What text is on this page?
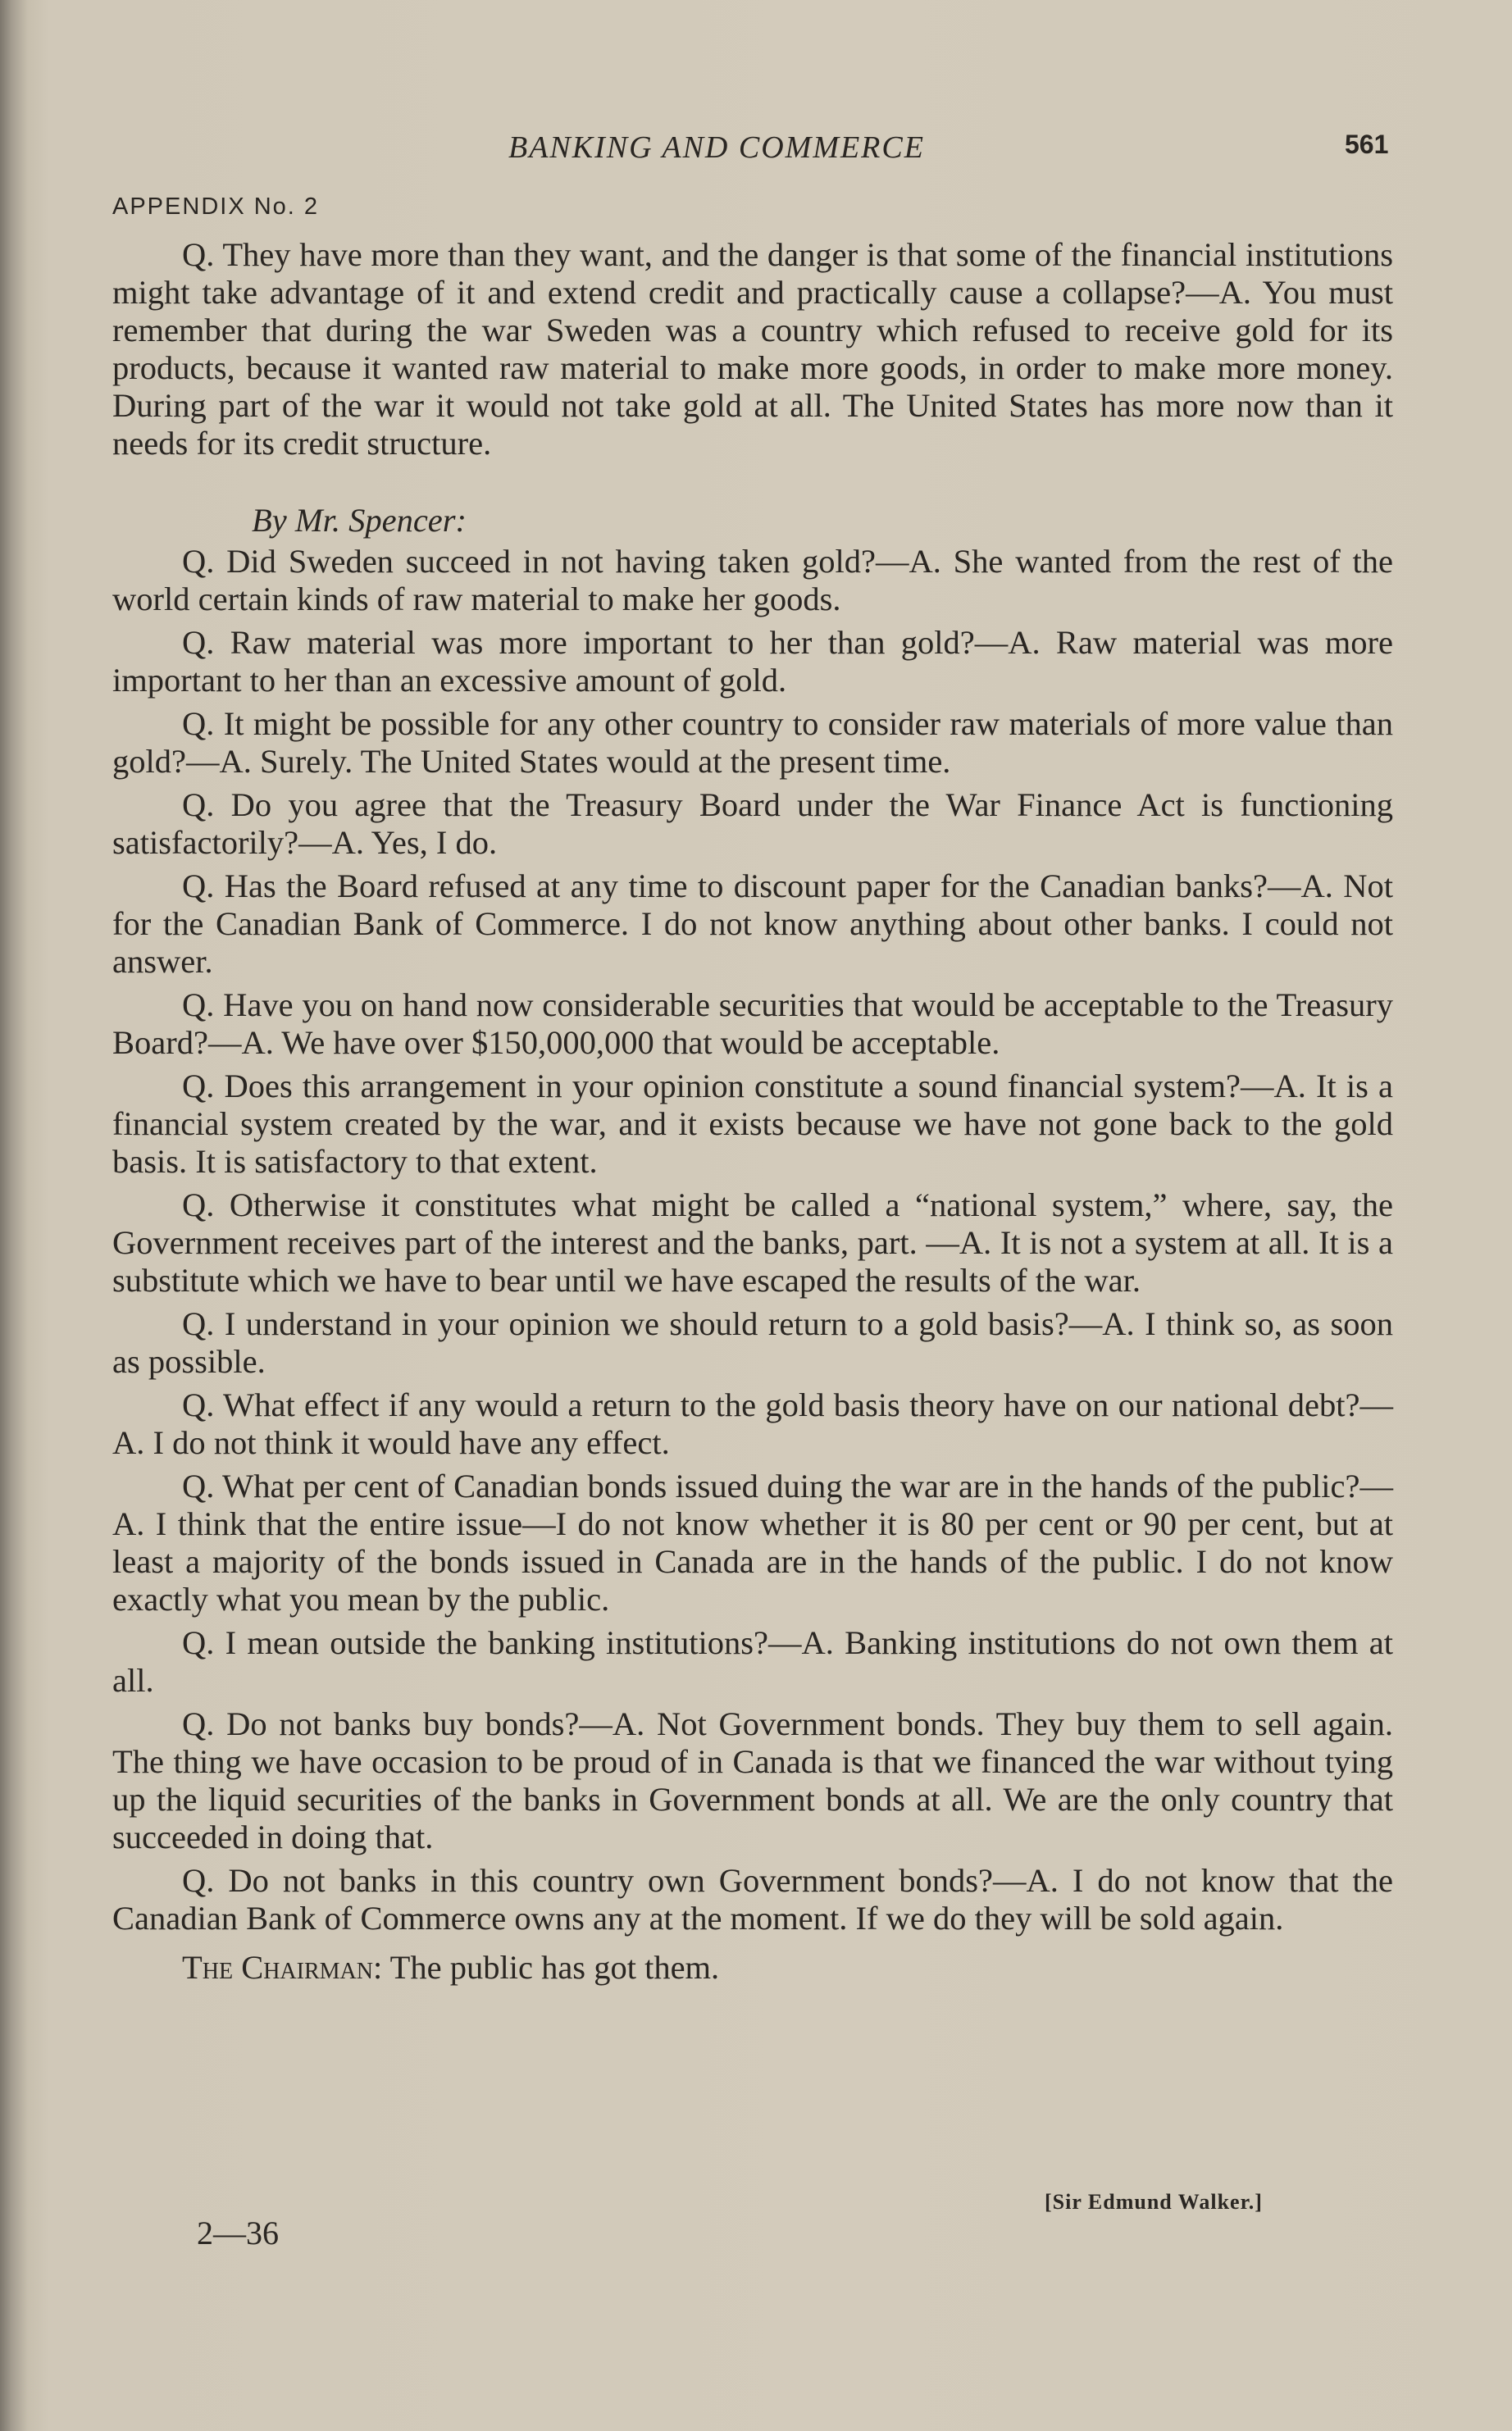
BANKING AND COMMERCE	561
APPENDIX No. 2

Q. They have more than they want, and the danger is that some of the financial institutions might take advantage of it and extend credit and practically cause a collapse?—A. You must remember that during the war Sweden was a country which refused to receive gold for its products, because it wanted raw material to make more goods, in order to make more money. During part of the war it would not take gold at all. The United States has more now than it needs for its credit structure.

By Mr. Spencer:

Q. Did Sweden succeed in not having taken gold?—A. She wanted from the rest of the world certain kinds of raw material to make her goods.

Q. Raw material was more important to her than gold?—A. Raw material was more important to her than an excessive amount of gold.

Q. It might be possible for any other country to consider raw materials of more value than gold?—A. Surely. The United States would at the present time.

Q. Do you agree that the Treasury Board under the War Finance Act is functioning satisfactorily?—A. Yes, I do.

Q. Has the Board refused at any time to discount paper for the Canadian banks?—A. Not for the Canadian Bank of Commerce. I do not know anything about other banks. I could not answer.

Q. Have you on hand now considerable securities that would be acceptable to the Treasury Board?—A. We have over $150,000,000 that would be acceptable.

Q. Does this arrangement in your opinion constitute a sound financial system?—A. It is a financial system created by the war, and it exists because we have not gone back to the gold basis. It is satisfactory to that extent.

Q. Otherwise it constitutes what might be called a “national system,” where, say, the Government receives part of the interest and the banks, part. —A. It is not a system at all. It is a substitute which we have to bear until we have escaped the results of the war.

Q. I understand in your opinion we should return to a gold basis?—A. I think so, as soon as possible.

Q. What effect if any would a return to the gold basis theory have on our national debt?—A. I do not think it would have any effect.

Q. What per cent of Canadian bonds issued duing the war are in the hands of the public?—A. I think that the entire issue—I do not know whether it is 80 per cent or 90 per cent, but at least a majority of the bonds issued in Canada are in the hands of the public. I do not know exactly what you mean by the public.

Q. I mean outside the banking institutions?—A. Banking institutions do not own them at all.

Q. Do not banks buy bonds?—A. Not Government bonds. They buy them to sell again. The thing we have occasion to be proud of in Canada is that we financed the war without tying up the liquid securities of the banks in Government bonds at all. We are the only country that succeeded in doing that.

Q. Do not banks in this country own Government bonds?—A. I do not know that the Canadian Bank of Commerce owns any at the moment. If we do they will be sold again.

The Chairman: The public has got them.

[Sir Edmund Walker.]
2—36
